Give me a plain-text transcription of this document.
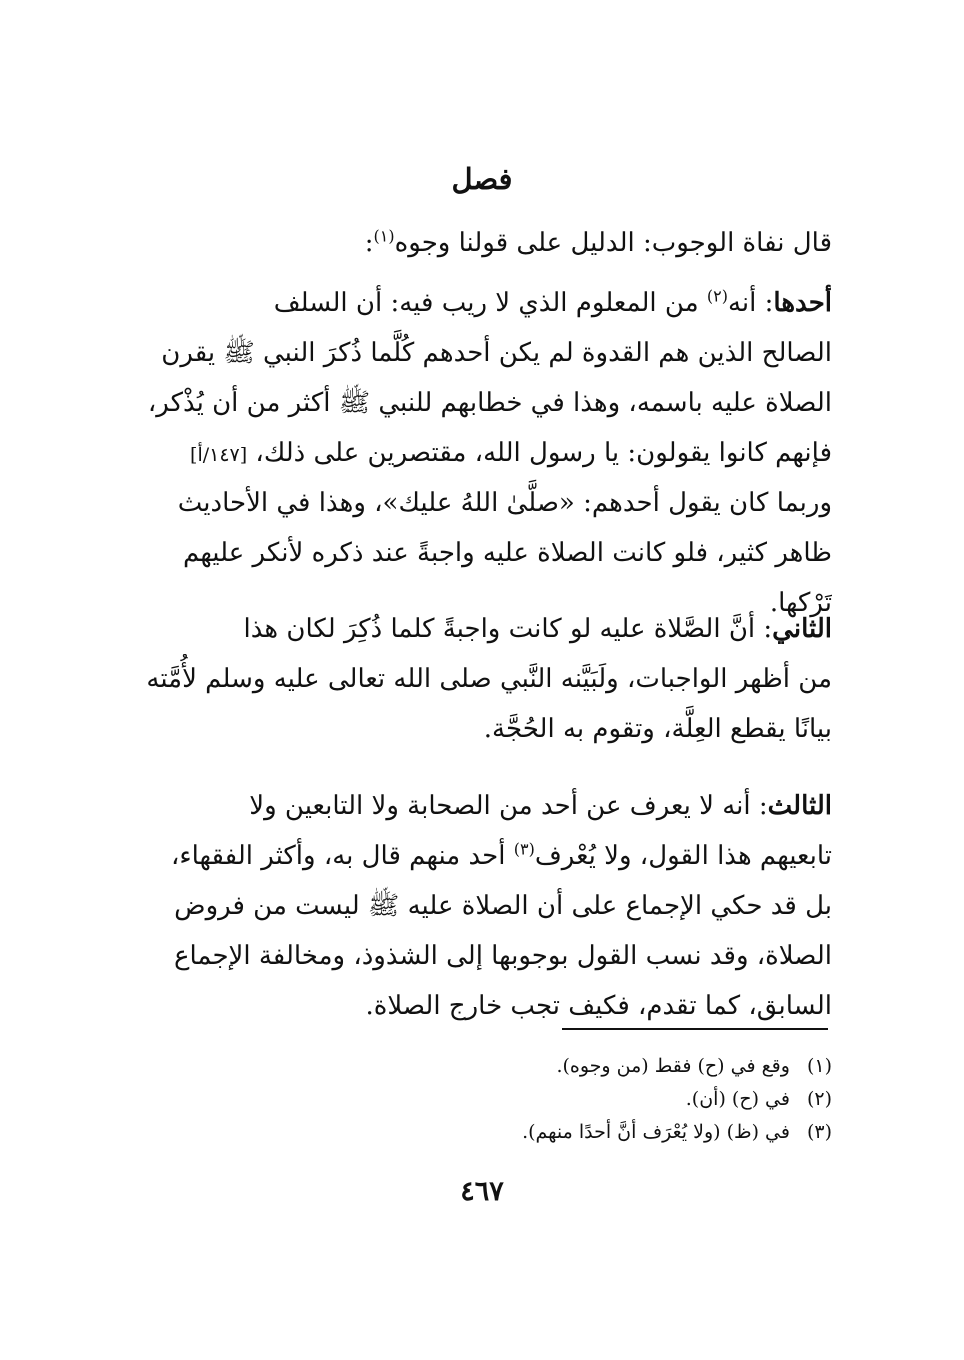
فصل
قال نفاة الوجوب: الدليل على قولنا وجوه$^{(١)}$:
أحدها: أنه$^{(٢)}$ من المعلوم الذي لا ريب فيه: أن السلف
الصالح الذين هم القدوة لم يكن أحدهم كُلَّما ذُكرَ النبي ﷺ يقرن
الصلاة عليه باسمه، وهذا في خطابهم للنبي ﷺ أكثر من أن يُذْكر،
فإنهم كانوا يقولون: يا رسول الله، مقتصرين على ذلك، [١٤٧/أ]
وربما كان يقول أحدهم: «صلَّىٰ اللهُ عليك»، وهذا في الأحاديث
ظاهر كثير، فلو كانت الصلاة عليه واجبةً عند ذكره لأنكر عليهم
تَرْكها.
الثاني: أنَّ الصَّلاة عليه لو كانت واجبةً كلما ذُكِرَ لكان هذا
من أظهر الواجبات، ولَبَيَّنه النَّبي صلى الله تعالى عليه وسلم لأُمَّته
بيانًا يقطع العِلَّة، وتقوم به الحُجَّة.
الثالث: أنه لا يعرف عن أحد من الصحابة ولا التابعين ولا
تابعيهم هذا القول، ولا يُعْرف$^{(٣)}$ أحد منهم قال به، وأكثر الفقهاء،
بل قد حكي الإجماع على أن الصلاة عليه ﷺ ليست من فروض
الصلاة، وقد نسب القول بوجوبها إلى الشذوذ، ومخالفة الإجماع
السابق، كما تقدم، فكيف تجب خارج الصلاة.
(١) وقع في (ح) فقط (من وجوه).
(٢) في (ح) (أن).
(٣) في (ظ) (ولا يُعْرَف أنَّ أحدًا منهم).
٤٦٧
